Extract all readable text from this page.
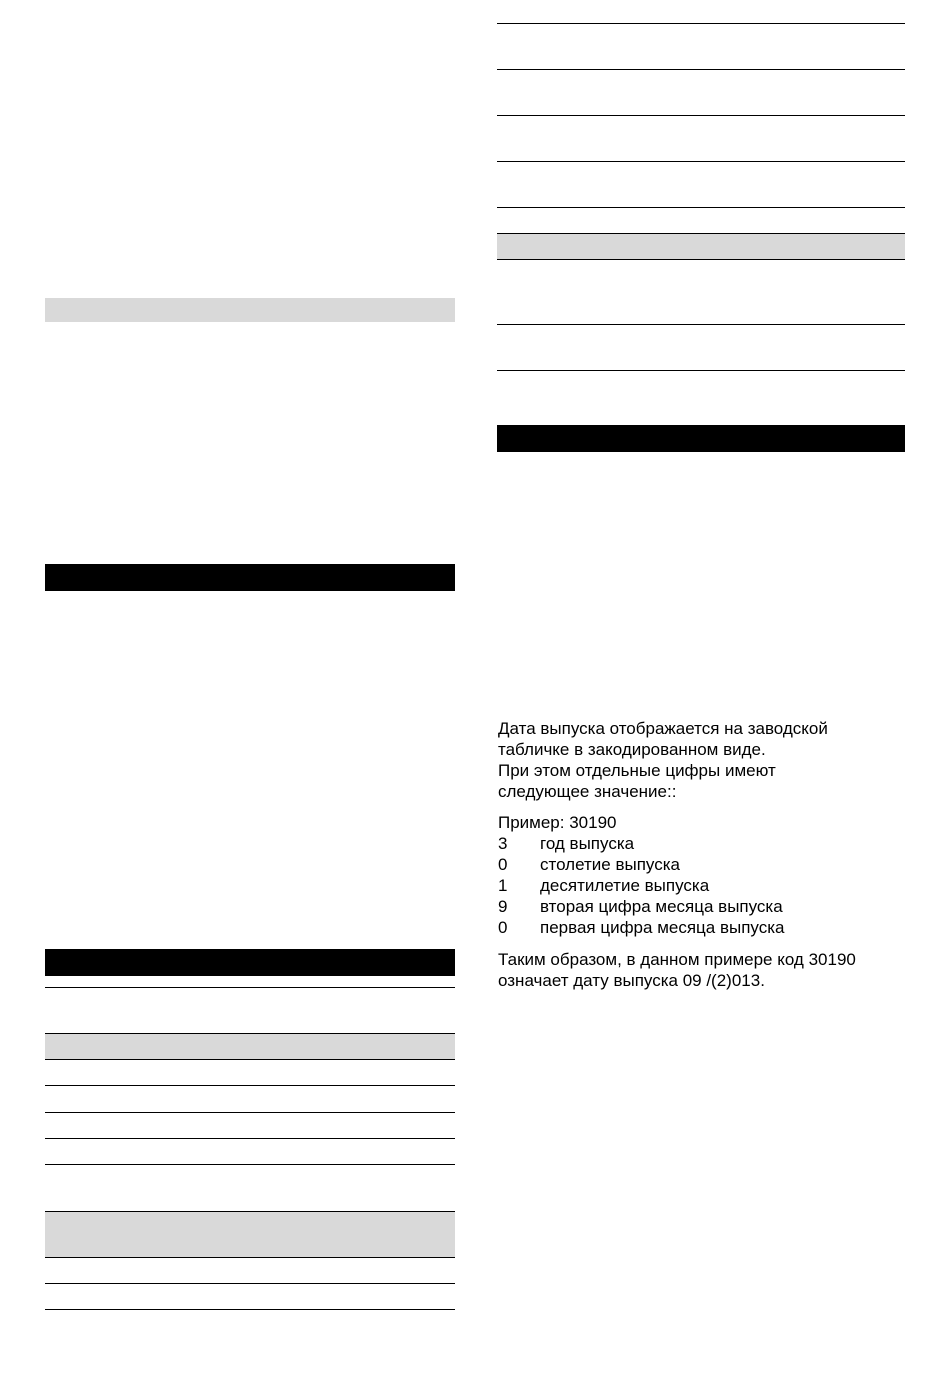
Дата выпуска отображается на заводской

табличке в закодированном виде.

При этом отдельные цифры имеют

следующее значение::

Пример: 30190

3	год выпуска
0	столетие выпуска
1	десятилетие выпуска
9	вторая цифра месяца выпуска
0	первая цифра месяца выпуска

Таким образом, в данном примере код 30190

означает дату выпуска 09 /(2)013.
